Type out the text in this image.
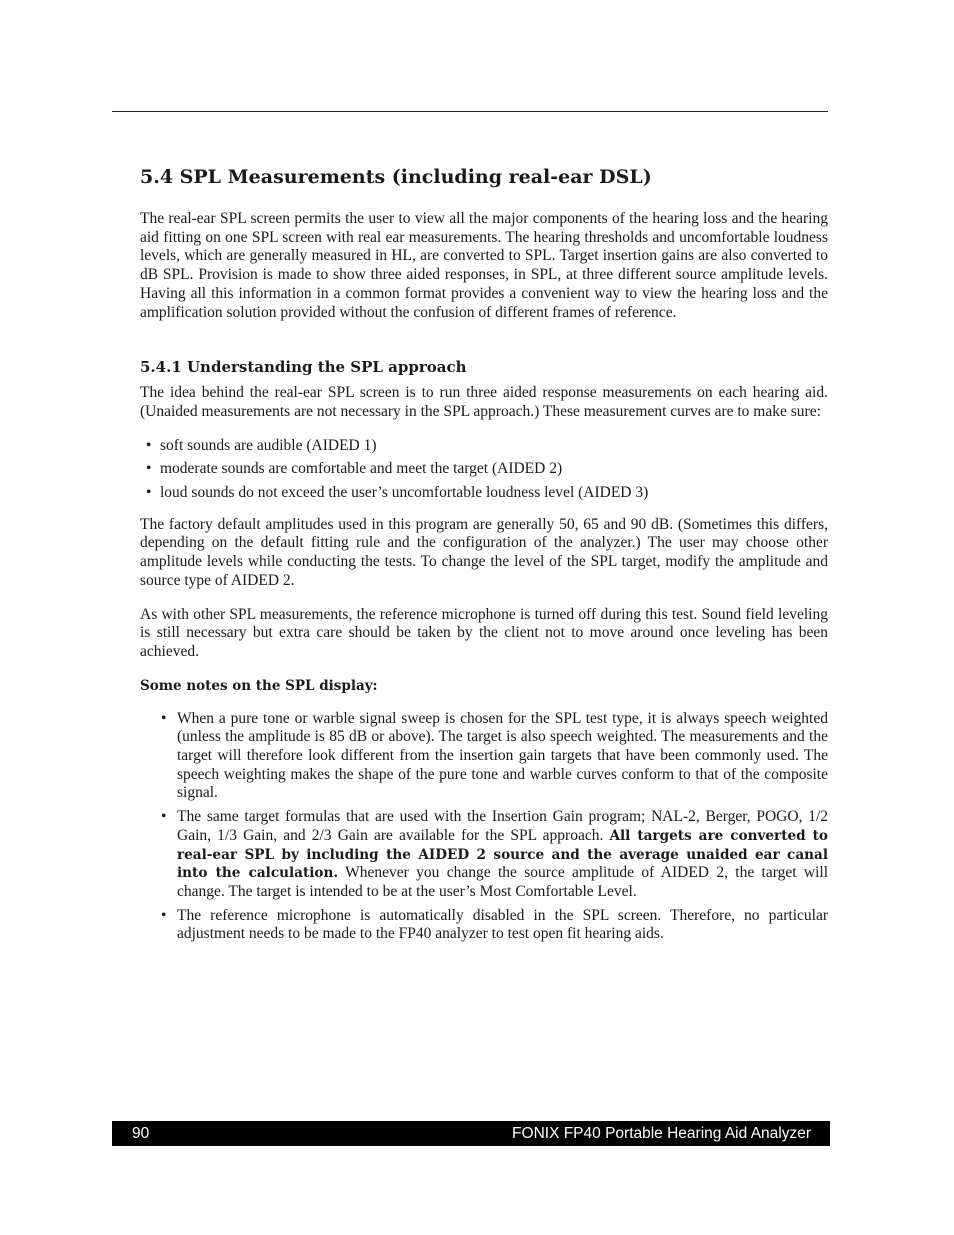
5.4 SPL Measurements (including real-ear DSL)

The real-ear SPL screen permits the user to view all the major components of the hearing loss and the hearing aid fitting on one SPL screen with real ear measurements. The hearing thresholds and uncomfortable loudness levels, which are generally measured in HL, are converted to SPL. Target insertion gains are also converted to dB SPL. Provision is made to show three aided responses, in SPL, at three different source amplitude levels. Having all this information in a common format provides a convenient way to view the hearing loss and the amplification solution provided without the confusion of different frames of reference.

5.4.1 Understanding the SPL approach

The idea behind the real-ear SPL screen is to run three aided response measurements on each hearing aid. (Unaided measurements are not necessary in the SPL approach.) These measurement curves are to make sure:

• soft sounds are audible (AIDED 1)
• moderate sounds are comfortable and meet the target (AIDED 2)
• loud sounds do not exceed the user’s uncomfortable loudness level (AIDED 3)

The factory default amplitudes used in this program are generally 50, 65 and 90 dB. (Sometimes this differs, depending on the default fitting rule and the configuration of the analyzer.) The user may choose other amplitude levels while conducting the tests. To change the level of the SPL target, modify the amplitude and source type of AIDED 2.

As with other SPL measurements, the reference microphone is turned off during this test. Sound field leveling is still necessary but extra care should be taken by the client not to move around once leveling has been achieved.

Some notes on the SPL display:
• When a pure tone or warble signal sweep is chosen for the SPL test type, it is always speech weighted (unless the amplitude is 85 dB or above). The target is also speech weighted. The measurements and the target will therefore look different from the insertion gain targets that have been commonly used. The speech weighting makes the shape of the pure tone and warble curves conform to that of the composite signal.
• The same target formulas that are used with the Insertion Gain program; NAL-2, Berger, POGO, 1/2 Gain, 1/3 Gain, and 2/3 Gain are available for the SPL approach. All targets are converted to real-ear SPL by including the AIDED 2 source and the average unaided ear canal into the calculation. Whenever you change the source amplitude of AIDED 2, the target will change. The target is intended to be at the user’s Most Comfortable Level.
• The reference microphone is automatically disabled in the SPL screen. Therefore, no particular adjustment needs to be made to the FP40 analyzer to test open fit hearing aids.
90	FONIX FP40 Portable Hearing Aid Analyzer
